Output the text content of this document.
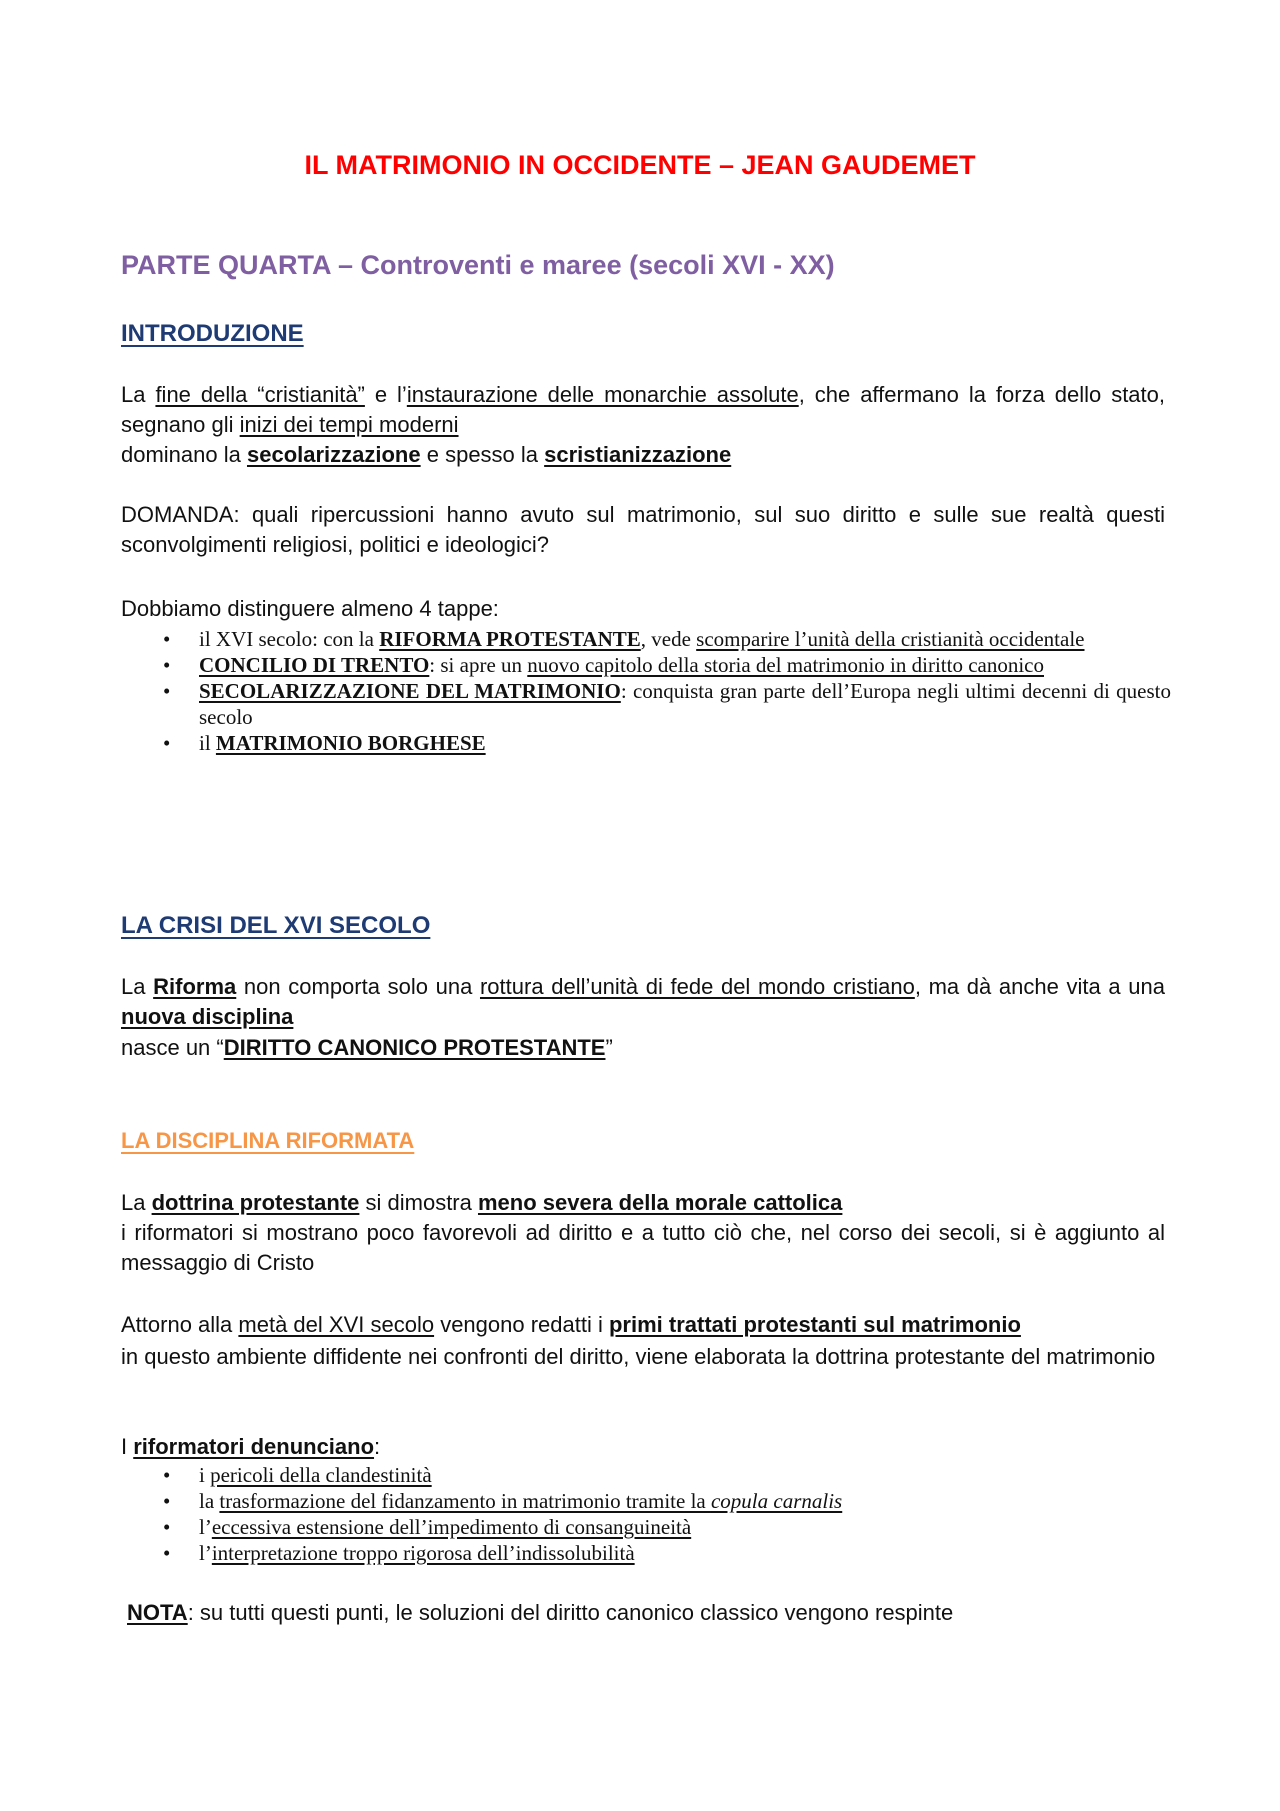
IL MATRIMONIO IN OCCIDENTE – JEAN GAUDEMET
PARTE QUARTA – Controventi e maree (secoli XVI - XX)
INTRODUZIONE
La fine della “cristianità” e l’instaurazione delle monarchie assolute, che affermano la forza dello stato, segnano gli inizi dei tempi moderni
dominano la secolarizzazione e spesso la scristianizzazione
DOMANDA: quali ripercussioni hanno avuto sul matrimonio, sul suo diritto e sulle sue realtà questi sconvolgimenti religiosi, politici e ideologici?
Dobbiamo distinguere almeno 4 tappe:
• il XVI secolo: con la RIFORMA PROTESTANTE, vede scomparire l’unità della cristianità occidentale
• CONCILIO DI TRENTO: si apre un nuovo capitolo della storia del matrimonio in diritto canonico
• SECOLARIZZAZIONE DEL MATRIMONIO: conquista gran parte dell’Europa negli ultimi decenni di questo secolo
• il MATRIMONIO BORGHESE
LA CRISI DEL XVI SECOLO
La Riforma non comporta solo una rottura dell’unità di fede del mondo cristiano, ma dà anche vita a una nuova disciplina
nasce un “DIRITTO CANONICO PROTESTANTE”
LA DISCIPLINA RIFORMATA
La dottrina protestante si dimostra meno severa della morale cattolica
i riformatori si mostrano poco favorevoli ad diritto e a tutto ciò che, nel corso dei secoli, si è aggiunto al messaggio di Cristo
Attorno alla metà del XVI secolo vengono redatti i primi trattati protestanti sul matrimonio
in questo ambiente diffidente nei confronti del diritto, viene elaborata la dottrina protestante del matrimonio
I riformatori denunciano:
• i pericoli della clandestinità
• la trasformazione del fidanzamento in matrimonio tramite la copula carnalis
• l’eccessiva estensione dell’impedimento di consanguineità
• l’interpretazione troppo rigorosa dell’indissolubilità
NOTA: su tutti questi punti, le soluzioni del diritto canonico classico vengono respinte
